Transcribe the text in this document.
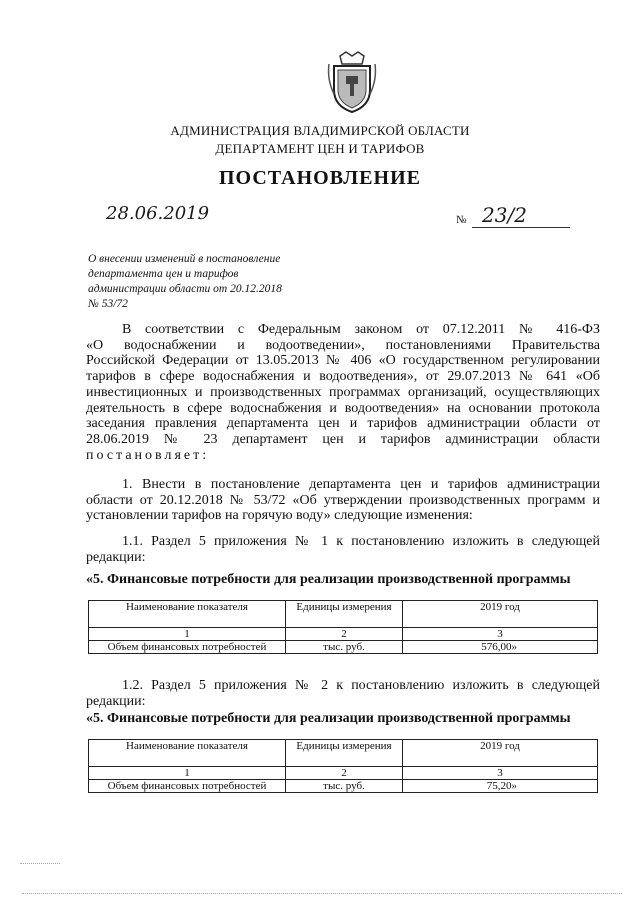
АДМИНИСТРАЦИЯ ВЛАДИМИРСКОЙ ОБЛАСТИ
ДЕПАРТАМЕНТ ЦЕН И ТАРИФОВ
ПОСТАНОВЛЕНИЕ
28.06.2019	№ 23/2
О внесении изменений в постановление
департамента цен и тарифов
администрации области от 20.12.2018
№ 53/72
В соответствии с Федеральным законом от 07.12.2011 № 416-ФЗ
«О водоснабжении и водоотведении», постановлениями Правительства
Российской Федерации от 13.05.2013 № 406 «О государственном регулировании
тарифов в сфере водоснабжения и водоотведения», от 29.07.2013 № 641 «Об
инвестиционных и производственных программах организаций, осуществляющих
деятельность в сфере водоснабжения и водоотведения» на основании протокола
заседания правления департамента цен и тарифов администрации области от
28.06.2019 № 23 департамент цен и тарифов администрации области
постановляет:
1. Внести в постановление департамента цен и тарифов администрации
области от 20.12.2018 № 53/72 «Об утверждении производственных программ и
установлении тарифов на горячую воду» следующие изменения:
1.1. Раздел 5 приложения № 1 к постановлению изложить в следующей
редакции:
«5. Финансовые потребности для реализации производственной программы
Наименование показателя	Единицы измерения	2019 год
1	2	3
Объем финансовых потребностей	тыс. руб.	576,00»
1.2. Раздел 5 приложения № 2 к постановлению изложить в следующей
редакции:
«5. Финансовые потребности для реализации производственной программы
Наименование показателя	Единицы измерения	2019 год
1	2	3
Объем финансовых потребностей	тыс. руб.	75,20»
